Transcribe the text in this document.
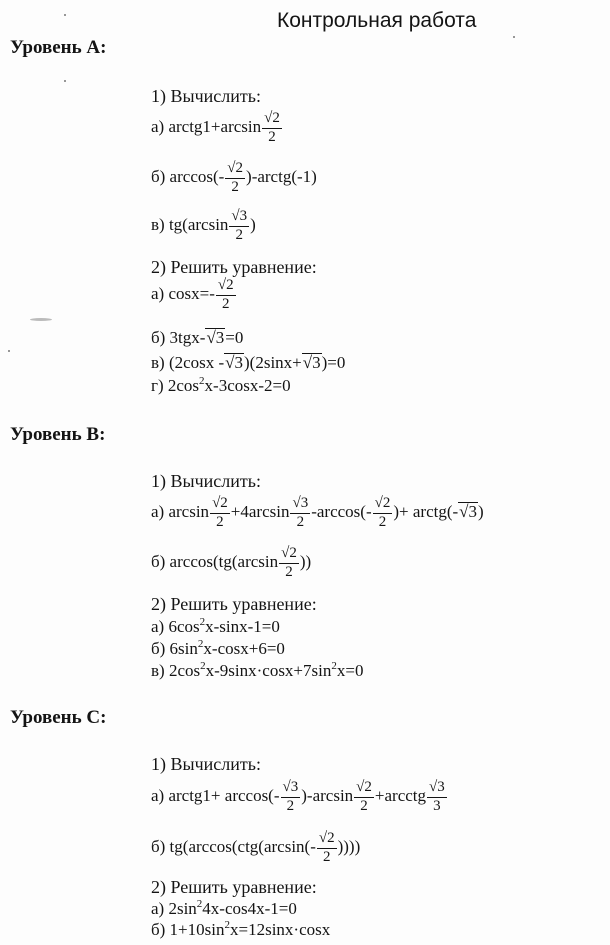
Контрольная работа
Уровень А:
1) Вычислить:
а) arctg1+arcsin $\frac{√2}{2}$
б) $\arccos(- \frac{√2}{2}$ )-arctg(-1)
в) $tg(\arcsin \frac{√3}{2}$ )
2) Решить уравнение:
а) $\cos x=- \frac{√2}{2}$
б) 3tgx-√3=0
в) (2cosx -√3)(2sinx+√3)=0
г) $2\cos^2x-3\cos x-2=0$
Уровень В:
1) Вычислить:
а) $\arcsin \frac{√2}{2} +4\arcsin \frac{√3}{2} -\arccos(- \frac{√2}{2}$ )+ arctg(-√3)
б) $\arccos(tg(\arcsin \frac{√2}{2}$ ))
2) Решить уравнение:
а) $6\cos^2x-\sin x-1=0$
б) $6\sin^2x-\cos x+6=0$
в) $2\cos^2x-9\sin x\cdot\cos x+7\sin^2x=0$
Уровень С:
1) Вычислить:
а) arctg1+ $\arccos(- \frac{√3}{2} )-\arcsin \frac{√2}{2}$ +arcctg $\frac{√3}{3}$
б) $tg(\arccos(ctg(\arcsin(- \frac{√2}{2}$ ))))
2) Решить уравнение:
а) $2\sin^24x-\cos 4x-1=0$
б) $1+10\sin^2x=12\sin x\cdot\cos x$
